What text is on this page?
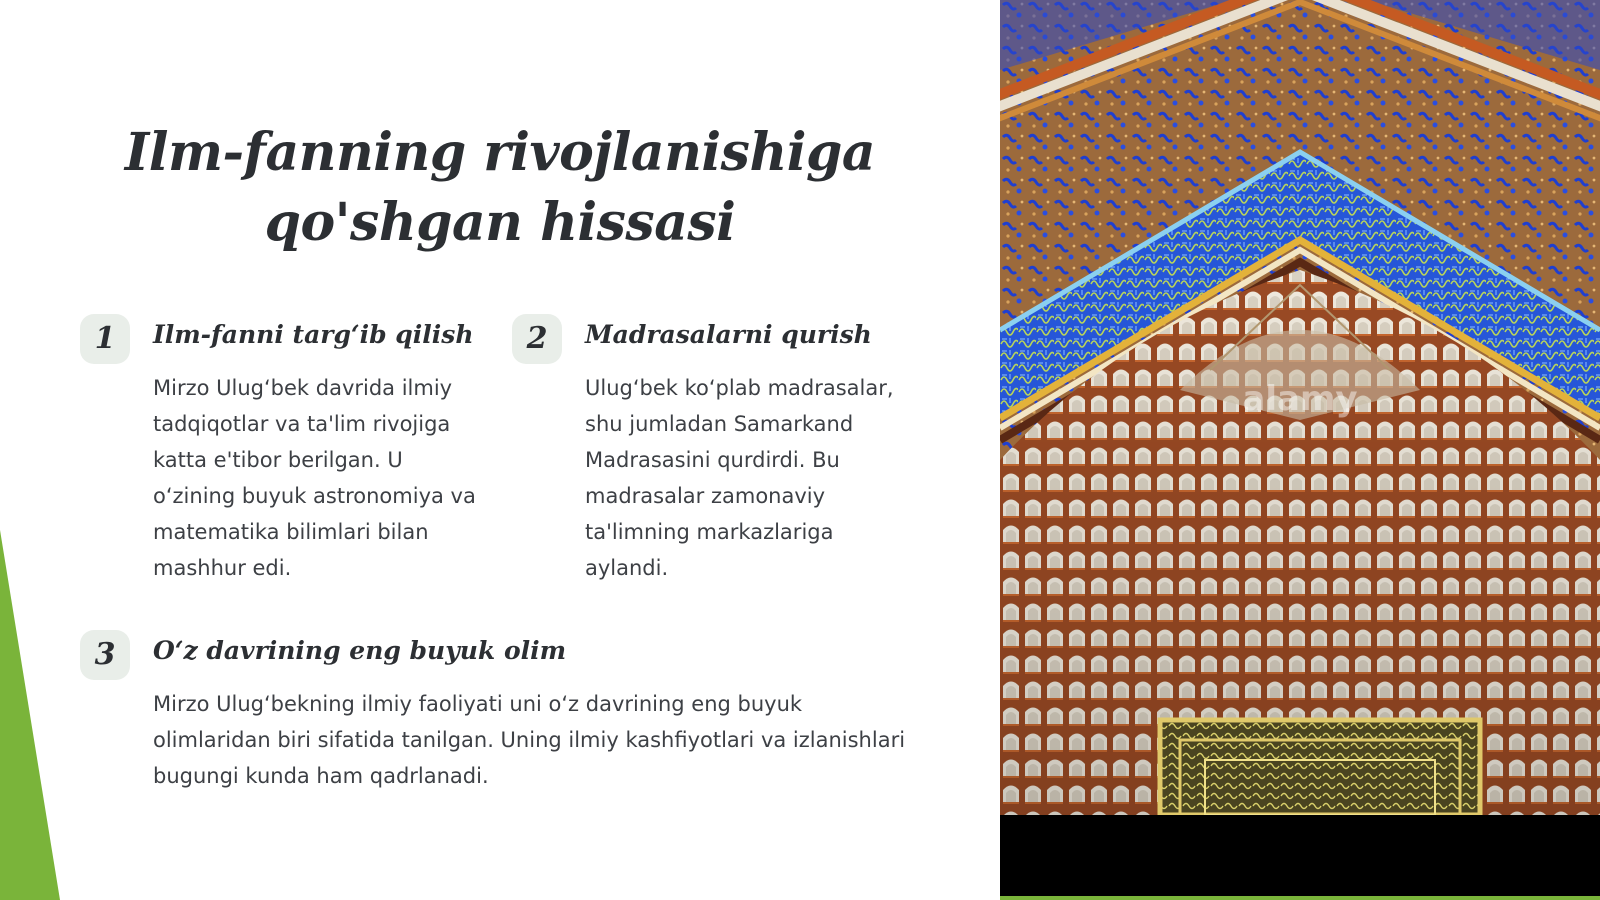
Ilm-fanning rivojlanishiga
qo'shgan hissasi
1	Ilm-fanni targ‘ib qilish

Mirzo Ulug‘bek davrida ilmiy
tadqiqotlar va ta'lim rivojiga
katta e'tibor berilgan. U
o‘zining buyuk astronomiya va
matematika bilimlari bilan
mashhur edi.

2	Madrasalarni qurish

Ulug‘bek ko‘plab madrasalar,
shu jumladan Samarkand
Madrasasini qurdirdi. Bu
madrasalar zamonaviy
ta'limning markazlariga
aylandi.

3	O‘z davrining eng buyuk olim

Mirzo Ulug‘bekning ilmiy faoliyati uni o‘z davrining eng buyuk
olimlaridan biri sifatida tanilgan. Uning ilmiy kashfiyotlari va izlanishlari
bugungi kunda ham qadrlanadi.

alamy
